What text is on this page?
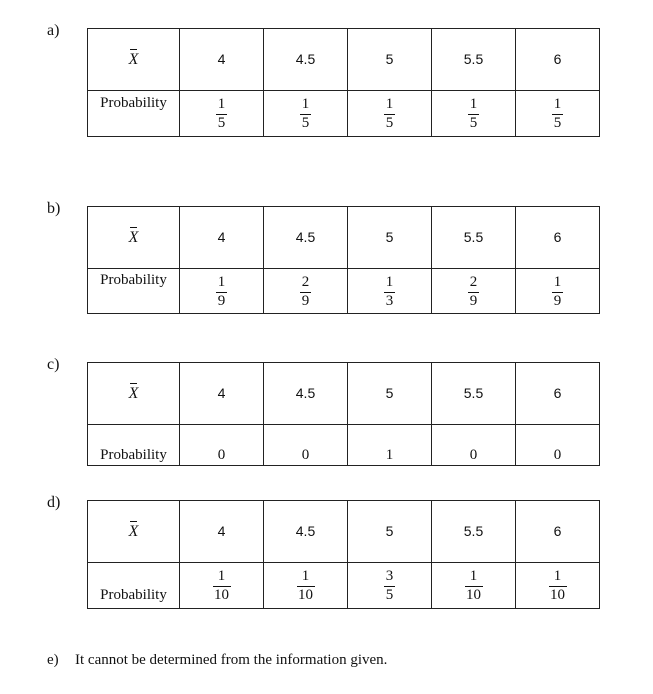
a)
X	4	4.5	5	5.5	6
Probability	$\frac{1}{5}$	$\frac{1}{5}$	$\frac{1}{5}$	$\frac{1}{5}$	$\frac{1}{5}$
b)
X	4	4.5	5	5.5	6
Probability	$\frac{1}{9}$	$\frac{2}{9}$	$\frac{1}{3}$	$\frac{2}{9}$	$\frac{1}{9}$
c)
X	4	4.5	5	5.5	6
Probability	0	0	1	0	0
d)
X	4	4.5	5	5.5	6
Probability	$\frac{1}{10}$	$\frac{1}{10}$	$\frac{3}{5}$	$\frac{1}{10}$	$\frac{1}{10}$
e) It cannot be determined from the information given.
